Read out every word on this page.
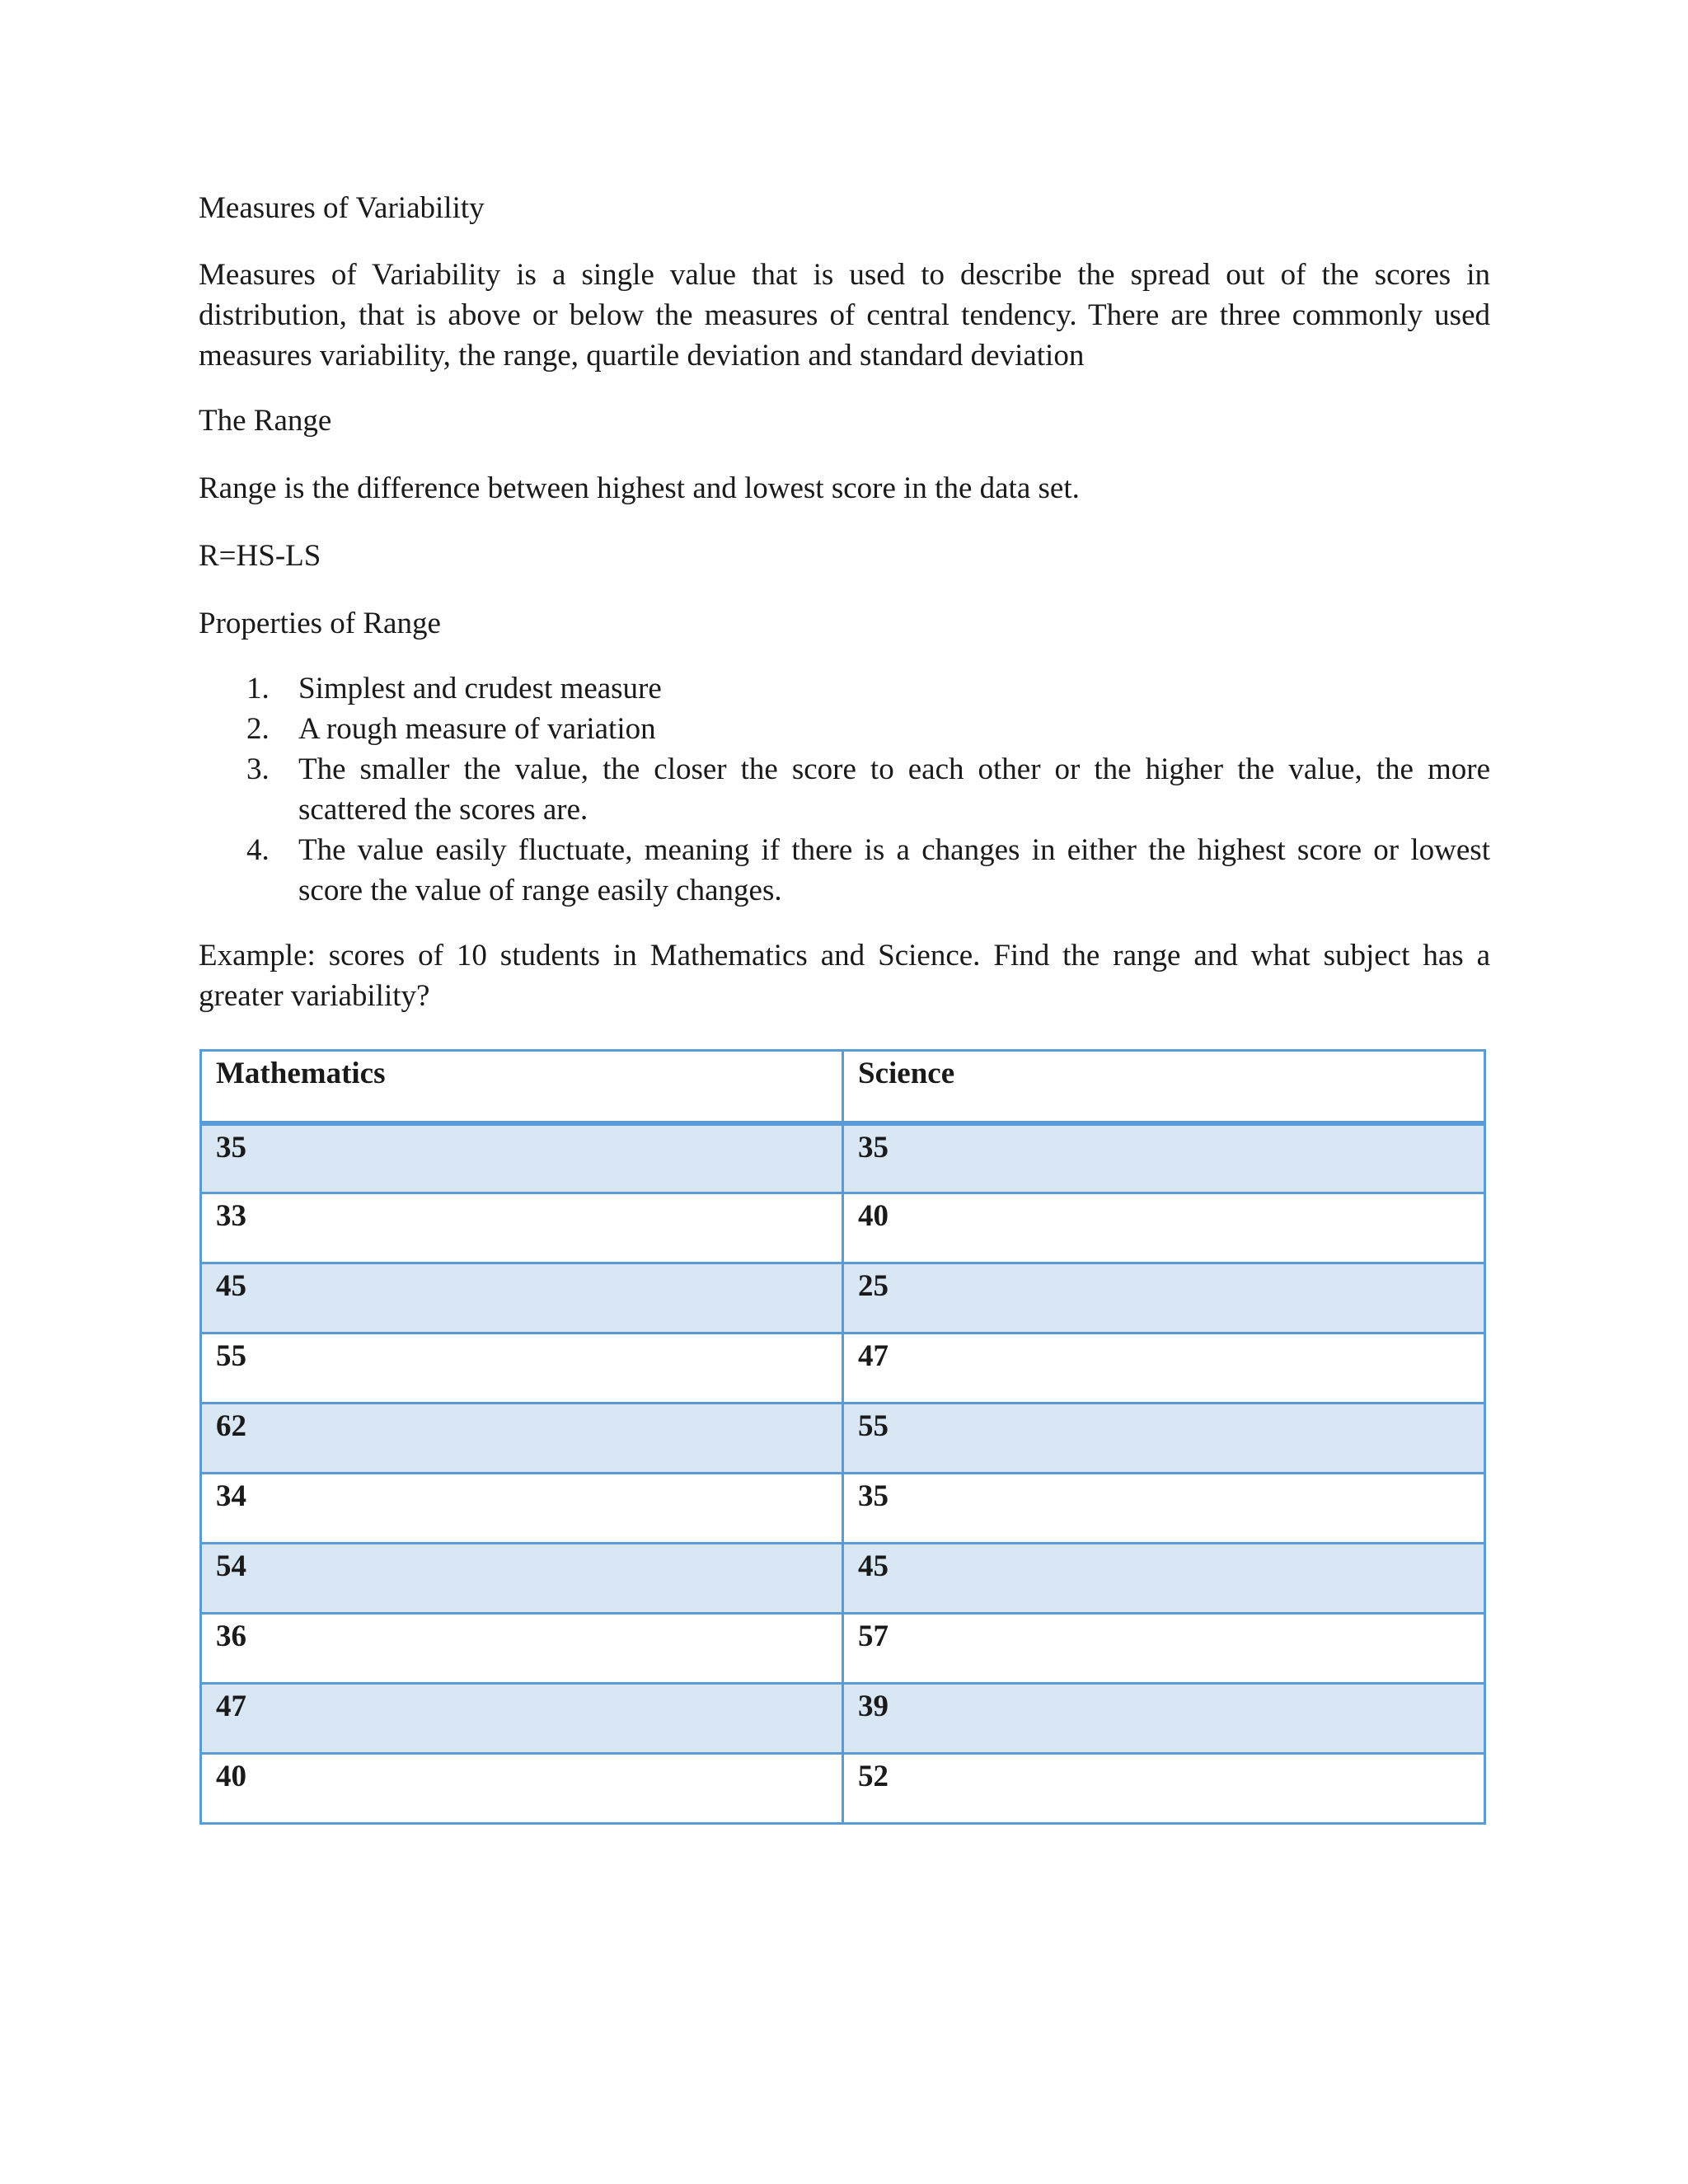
Measures of Variability

Measures of Variability is a single value that is used to describe the spread out of the scores in distribution, that is above or below the measures of central tendency. There are three commonly used measures variability, the range, quartile deviation and standard deviation

The Range

Range is the difference between highest and lowest score in the data set.

R=HS-LS

Properties of Range

1. Simplest and crudest measure
2. A rough measure of variation
3. The smaller the value, the closer the score to each other or the higher the value, the more scattered the scores are.
4. The value easily fluctuate, meaning if there is a changes in either the highest score or lowest score the value of range easily changes.

Example: scores of 10 students in Mathematics and Science. Find the range and what subject has a greater variability?

Mathematics	Science
35	35
33	40
45	25
55	47
62	55
34	35
54	45
36	57
47	39
40	52
